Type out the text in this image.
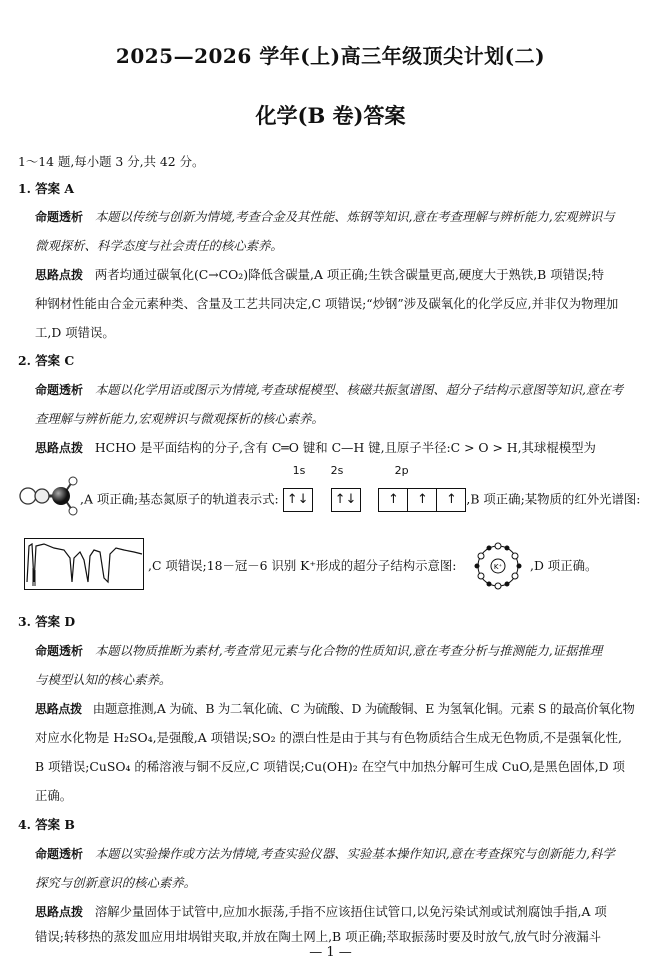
2025—2026 学年(上)高三年级顶尖计划(二)
化学(B 卷)答案
1～14 题,每小题 3 分,共 42 分。
1. 答案 A
命题透析 本题以传统与创新为情境,考查合金及其性能、炼钢等知识,意在考查理解与辨析能力,宏观辨识与
微观探析、科学态度与社会责任的核心素养。
思路点拨 两者均通过碳氧化(C→CO₂)降低含碳量,A 项正确;生铁含碳量更高,硬度大于熟铁,B 项错误;特
种钢材性能由合金元素种类、含量及工艺共同决定,C 项错误;“炒钢”涉及碳氧化的化学反应,并非仅为物理加
工,D 项错误。
2. 答案 C
命题透析 本题以化学用语或图示为情境,考查球棍模型、核磁共振氢谱图、超分子结构示意图等知识,意在考
查理解与辨析能力,宏观辨识与微观探析的核心素养。
思路点拨 HCHO 是平面结构的分子,含有 C═O 键和 C—H 键,且原子半径:C > O > H,其球棍模型为
,A 项正确;基态氮原子的轨道表示式:
1s 2s	2p
↑↓ ↑↓ ↑ ↑ ↑ ,B 项正确;某物质的红外光谱图:
,C 项错误;18－冠－6 识别 K⁺形成的超分子结构示意图:	K⁺ ,D 项正确。
3. 答案 D
命题透析 本题以物质推断为素材,考查常见元素与化合物的性质知识,意在考查分析与推测能力,证据推理
与模型认知的核心素养。
思路点拨 由题意推测,A 为硫、B 为二氧化硫、C 为硫酸、D 为硫酸铜、E 为氢氧化铜。元素 S 的最高价氧化物
对应水化物是 H₂SO₄,是强酸,A 项错误;SO₂ 的漂白性是由于其与有色物质结合生成无色物质,不是强氧化性,
B 项错误;CuSO₄ 的稀溶液与铜不反应,C 项错误;Cu(OH)₂ 在空气中加热分解可生成 CuO,是黑色固体,D 项
正确。
4. 答案 B
命题透析 本题以实验操作或方法为情境,考查实验仪器、实验基本操作知识,意在考查探究与创新能力,科学
探究与创新意识的核心素养。
思路点拨 溶解少量固体于试管中,应加水振荡,手指不应该捂住试管口,以免污染试剂或试剂腐蚀手指,A 项
错误;转移热的蒸发皿应用坩埚钳夹取,并放在陶土网上,B 项正确;萃取振荡时要及时放气,放气时分液漏斗
— 1 —
